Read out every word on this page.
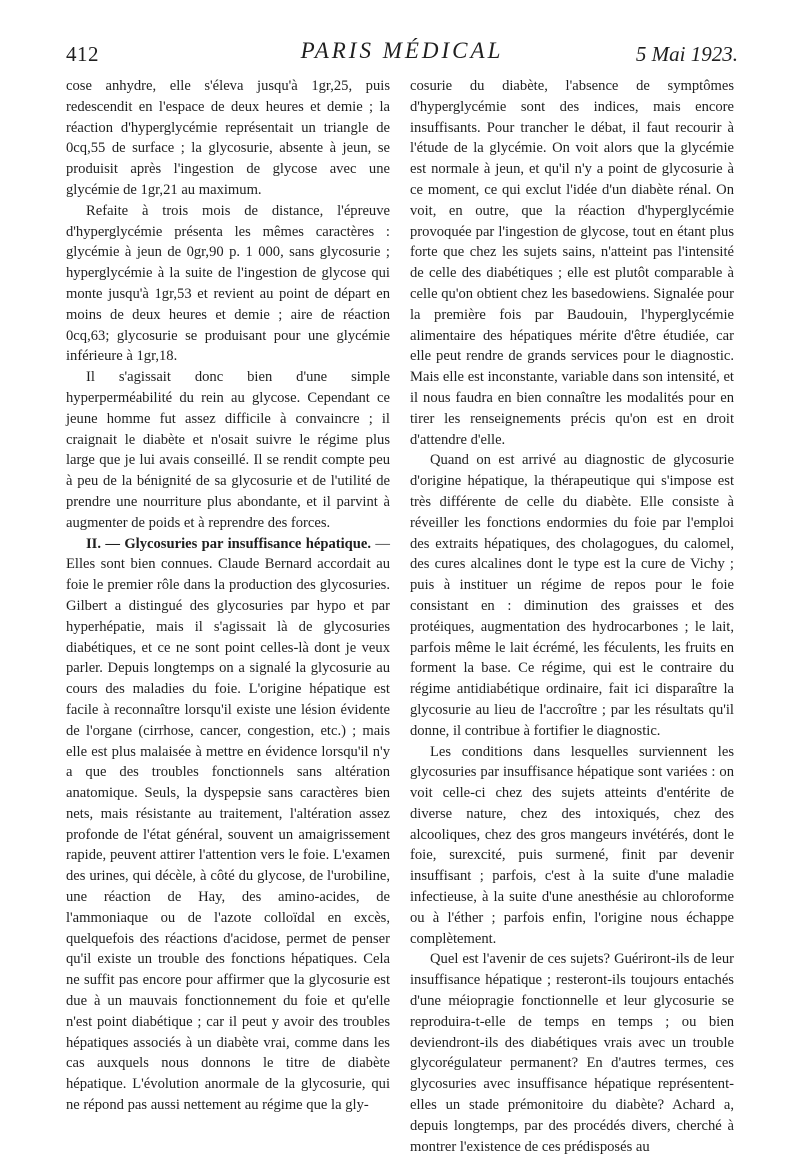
412	PARIS MÉDICAL	5 Mai 1923.

cose anhydre, elle s'éleva jusqu'à 1gr,25, puis redescendit en l'espace de deux heures et demie ; la réaction d'hyperglycémie représentait un triangle de 0cq,55 de surface ; la glycosurie, absente à jeun, se produisit après l'ingestion de glycose avec une glycémie de 1gr,21 au maximum.

Refaite à trois mois de distance, l'épreuve d'hyperglycémie présenta les mêmes caractères : glycémie à jeun de 0gr,90 p. 1 000, sans glycosurie ; hyperglycémie à la suite de l'ingestion de glycose qui monte jusqu'à 1gr,53 et revient au point de départ en moins de deux heures et demie ; aire de réaction 0cq,63; glycosurie se produisant pour une glycémie inférieure à 1gr,18.

Il s'agissait donc bien d'une simple hyperperméabilité du rein au glycose. Cependant ce jeune homme fut assez difficile à convaincre ; il craignait le diabète et n'osait suivre le régime plus large que je lui avais conseillé. Il se rendit compte peu à peu de la bénignité de sa glycosurie et de l'utilité de prendre une nourriture plus abondante, et il parvint à augmenter de poids et à reprendre des forces.

II. — Glycosuries par insuffisance hépatique. — Elles sont bien connues. Claude Bernard accordait au foie le premier rôle dans la production des glycosuries. Gilbert a distingué des glycosuries par hypo et par hyperhépatie, mais il s'agissait là de glycosuries diabétiques, et ce ne sont point celles-là dont je veux parler. Depuis longtemps on a signalé la glycosurie au cours des maladies du foie. L'origine hépatique est facile à reconnaître lorsqu'il existe une lésion évidente de l'organe (cirrhose, cancer, congestion, etc.) ; mais elle est plus malaisée à mettre en évidence lorsqu'il n'y a que des troubles fonctionnels sans altération anatomique. Seuls, la dyspepsie sans caractères bien nets, mais résistante au traitement, l'altération assez profonde de l'état général, souvent un amaigrissement rapide, peuvent attirer l'attention vers le foie. L'examen des urines, qui décèle, à côté du glycose, de l'urobiline, une réaction de Hay, des amino-acides, de l'ammoniaque ou de l'azote colloïdal en excès, quelquefois des réactions d'acidose, permet de penser qu'il existe un trouble des fonctions hépatiques. Cela ne suffit pas encore pour affirmer que la glycosurie est due à un mauvais fonctionnement du foie et qu'elle n'est point diabétique ; car il peut y avoir des troubles hépatiques associés à un diabète vrai, comme dans les cas auxquels nous donnons le titre de diabète hépatique. L'évolution anormale de la glycosurie, qui ne répond pas aussi nettement au régime que la gly-

cosurie du diabète, l'absence de symptômes d'hyperglycémie sont des indices, mais encore insuffisants. Pour trancher le débat, il faut recourir à l'étude de la glycémie. On voit alors que la glycémie est normale à jeun, et qu'il n'y a point de glycosurie à ce moment, ce qui exclut l'idée d'un diabète rénal. On voit, en outre, que la réaction d'hyperglycémie provoquée par l'ingestion de glycose, tout en étant plus forte que chez les sujets sains, n'atteint pas l'intensité de celle des diabétiques ; elle est plutôt comparable à celle qu'on obtient chez les basedowiens. Signalée pour la première fois par Baudouin, l'hyperglycémie alimentaire des hépatiques mérite d'être étudiée, car elle peut rendre de grands services pour le diagnostic. Mais elle est inconstante, variable dans son intensité, et il nous faudra en bien connaître les modalités pour en tirer les renseignements précis qu'on est en droit d'attendre d'elle.

Quand on est arrivé au diagnostic de glycosurie d'origine hépatique, la thérapeutique qui s'impose est très différente de celle du diabète. Elle consiste à réveiller les fonctions endormies du foie par l'emploi des extraits hépatiques, des cholagogues, du calomel, des cures alcalines dont le type est la cure de Vichy ; puis à instituer un régime de repos pour le foie consistant en : diminution des graisses et des protéiques, augmentation des hydrocarbones ; le lait, parfois même le lait écrémé, les féculents, les fruits en forment la base. Ce régime, qui est le contraire du régime antidiabétique ordinaire, fait ici disparaître la glycosurie au lieu de l'accroître ; par les résultats qu'il donne, il contribue à fortifier le diagnostic.

Les conditions dans lesquelles surviennent les glycosuries par insuffisance hépatique sont variées : on voit celle-ci chez des sujets atteints d'entérite de diverse nature, chez des intoxiqués, chez des alcooliques, chez des gros mangeurs invétérés, dont le foie, surexcité, puis surmené, finit par devenir insuffisant ; parfois, c'est à la suite d'une maladie infectieuse, à la suite d'une anesthésie au chloroforme ou à l'éther ; parfois enfin, l'origine nous échappe complètement.

Quel est l'avenir de ces sujets? Guériront-ils de leur insuffisance hépatique ; resteront-ils toujours entachés d'une méiopragie fonctionnelle et leur glycosurie se reproduira-t-elle de temps en temps ; ou bien deviendront-ils des diabétiques vrais avec un trouble glycorégulateur permanent? En d'autres termes, ces glycosuries avec insuffisance hépatique représentent-elles un stade prémonitoire du diabète? Achard a, depuis longtemps, par des procédés divers, cherché à montrer l'existence de ces prédisposés au
